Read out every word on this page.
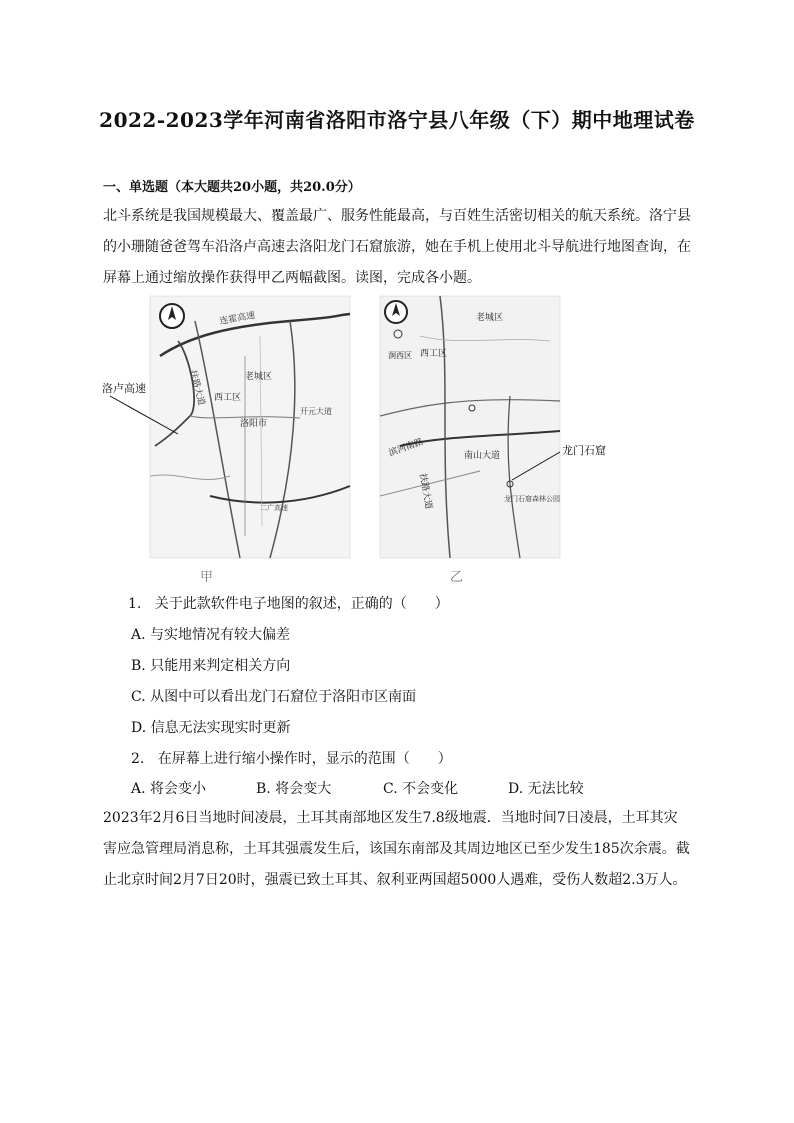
2022-2023学年河南省洛阳市洛宁县八年级（下）期中地理试卷
一、单选题（本大题共20小题，共20.0分）
北斗系统是我国规模最大、覆盖最广、服务性能最高，与百姓生活密切相关的航天系统。洛宁县
的小珊随爸爸驾车沿洛卢高速去洛阳龙门石窟旅游，她在手机上使用北斗导航进行地图查询，在
屏幕上通过缩放操作获得甲乙两幅截图。读图，完成各小题。
连霍高速
扶路大道	老城区
西工区
洛阳市
开元大道
二广高速
老城区
西工区
涧西区
滨河南路	南山大道
扶路大道	龙门石窟森林公园
洛卢高速
龙门石窟
甲	乙
1. 关于此款软件电子地图的叙述，正确的（　　）
A. 与实地情况有较大偏差
B. 只能用来判定相关方向
C. 从图中可以看出龙门石窟位于洛阳市区南面
D. 信息无法实现实时更新
2. 在屏幕上进行缩小操作时，显示的范围（　　）
A. 将会变小	B. 将会变大	C. 不会变化	D. 无法比较
2023年2月6日当地时间凌晨，土耳其南部地区发生7.8级地震．当地时间7日凌晨，土耳其灾
害应急管理局消息称，土耳其强震发生后，该国东南部及其周边地区已至少发生185次余震。截
止北京时间2月7日20时，强震已致土耳其、叙利亚两国超5000人遇难，受伤人数超2.3万人。
